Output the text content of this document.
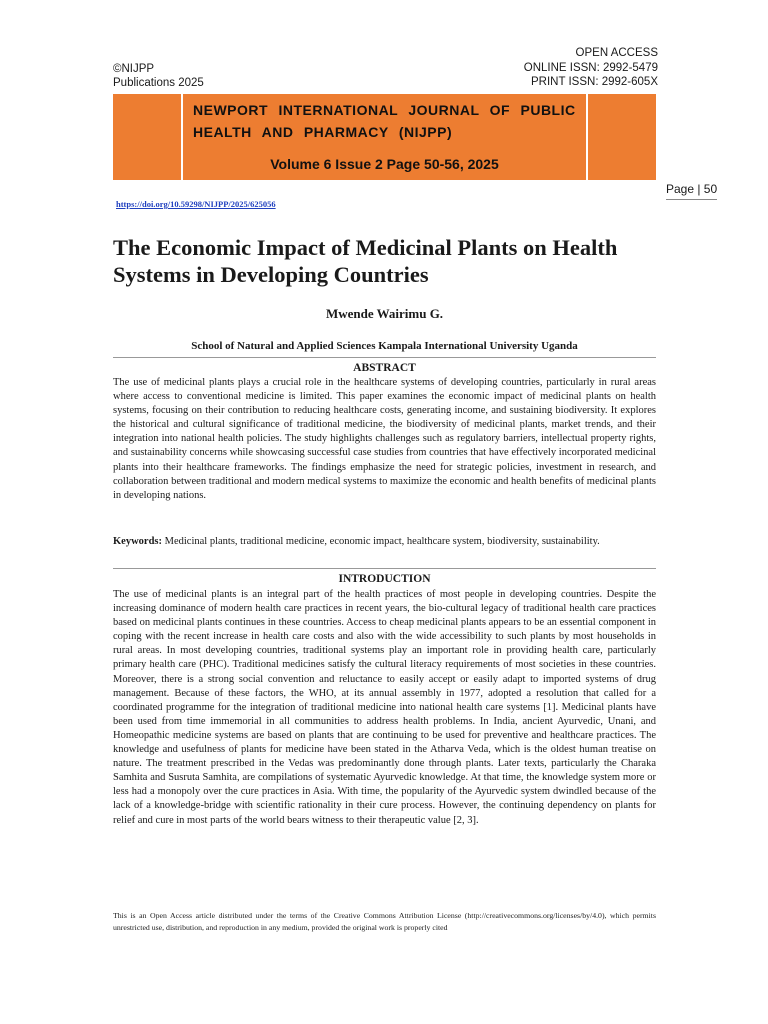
©NIJPP
Publications 2025
OPEN ACCESS
ONLINE ISSN: 2992-5479
PRINT ISSN: 2992-605X
NEWPORT INTERNATIONAL JOURNAL OF PUBLIC
HEALTH AND PHARMACY (NIJPP)
Volume 6 Issue 2 Page 50-56, 2025
Page | 50
https://doi.org/10.59298/NIJPP/2025/625056
The Economic Impact of Medicinal Plants on Health Systems in Developing Countries
Mwende Wairimu G.
School of Natural and Applied Sciences Kampala International University Uganda
ABSTRACT
The use of medicinal plants plays a crucial role in the healthcare systems of developing countries, particularly in rural areas where access to conventional medicine is limited. This paper examines the economic impact of medicinal plants on health systems, focusing on their contribution to reducing healthcare costs, generating income, and sustaining biodiversity. It explores the historical and cultural significance of traditional medicine, the biodiversity of medicinal plants, market trends, and their integration into national health policies. The study highlights challenges such as regulatory barriers, intellectual property rights, and sustainability concerns while showcasing successful case studies from countries that have effectively incorporated medicinal plants into their healthcare frameworks. The findings emphasize the need for strategic policies, investment in research, and collaboration between traditional and modern medical systems to maximize the economic and health benefits of medicinal plants in developing nations.
Keywords: Medicinal plants, traditional medicine, economic impact, healthcare system, biodiversity, sustainability.
INTRODUCTION
The use of medicinal plants is an integral part of the health practices of most people in developing countries. Despite the increasing dominance of modern health care practices in recent years, the bio-cultural legacy of traditional health care practices based on medicinal plants continues in these countries. Access to cheap medicinal plants appears to be an essential component in coping with the recent increase in health care costs and also with the wide accessibility to such plants by most households in rural areas. In most developing countries, traditional systems play an important role in providing health care, particularly primary health care (PHC). Traditional medicines satisfy the cultural literacy requirements of most societies in these countries. Moreover, there is a strong social convention and reluctance to easily accept or easily adapt to imported systems of drug management. Because of these factors, the WHO, at its annual assembly in 1977, adopted a resolution that called for a coordinated programme for the integration of traditional medicine into national health care systems [1]. Medicinal plants have been used from time immemorial in all communities to address health problems. In India, ancient Ayurvedic, Unani, and Homeopathic medicine systems are based on plants that are continuing to be used for preventive and healthcare practices. The knowledge and usefulness of plants for medicine have been stated in the Atharva Veda, which is the oldest human treatise on nature. The treatment prescribed in the Vedas was predominantly done through plants. Later texts, particularly the Charaka Samhita and Susruta Samhita, are compilations of systematic Ayurvedic knowledge. At that time, the knowledge system more or less had a monopoly over the cure practices in Asia. With time, the popularity of the Ayurvedic system dwindled because of the lack of a knowledge-bridge with scientific rationality in their cure process. However, the continuing dependency on plants for relief and cure in most parts of the world bears witness to their therapeutic value [2, 3].
This is an Open Access article distributed under the terms of the Creative Commons Attribution License (http://creativecommons.org/licenses/by/4.0), which permits unrestricted use, distribution, and reproduction in any medium, provided the original work is properly cited
